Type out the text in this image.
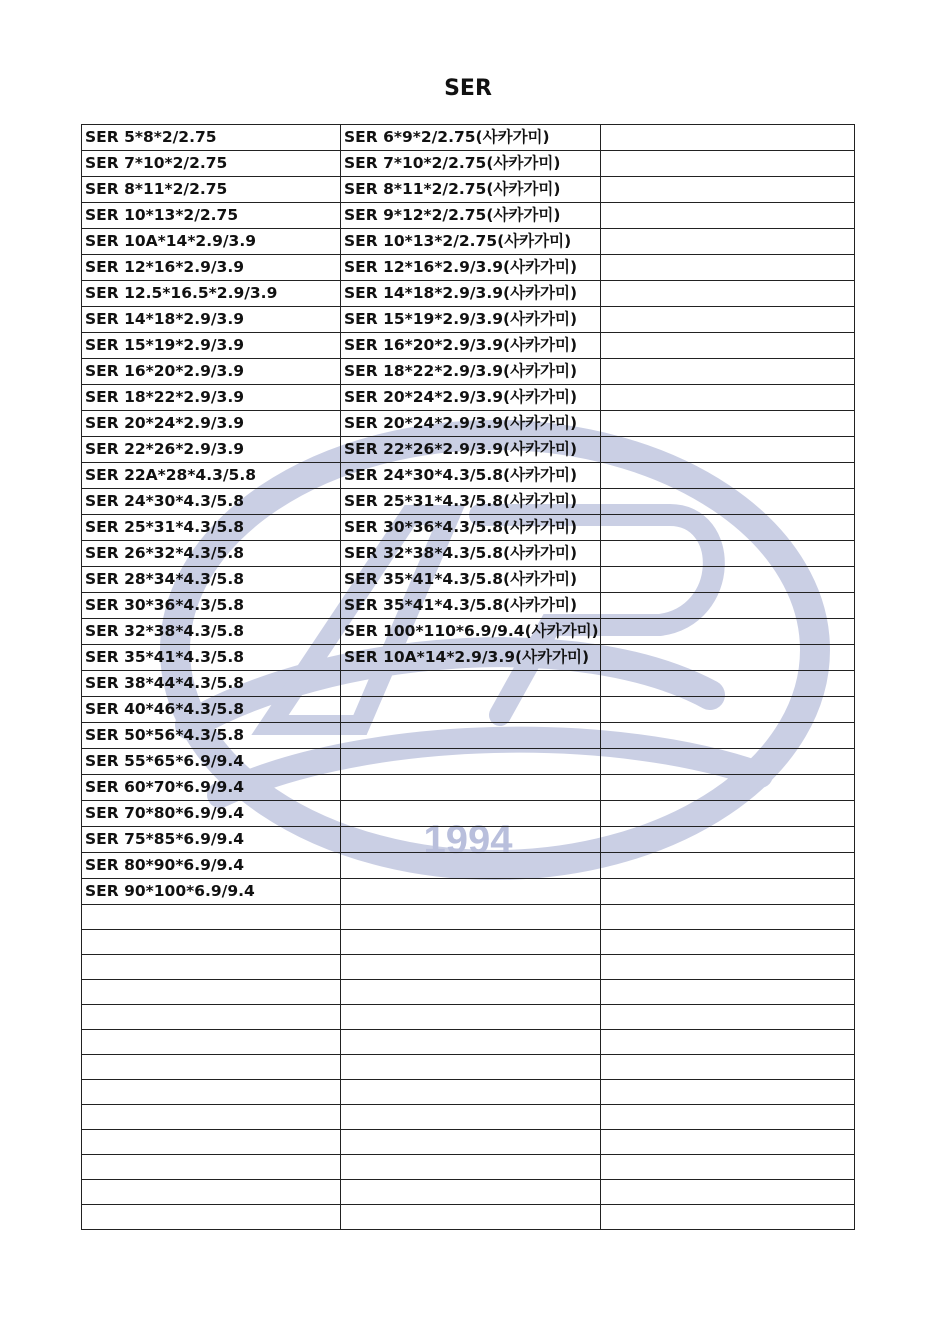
1994
SER
SER 5*8*2/2.75	SER 6*9*2/2.75(사카가미)	
SER 7*10*2/2.75	SER 7*10*2/2.75(사카가미)	
SER 8*11*2/2.75	SER 8*11*2/2.75(사카가미)	
SER 10*13*2/2.75	SER 9*12*2/2.75(사카가미)	
SER 10A*14*2.9/3.9	SER 10*13*2/2.75(사카가미)	
SER 12*16*2.9/3.9	SER 12*16*2.9/3.9(사카가미)	
SER 12.5*16.5*2.9/3.9	SER 14*18*2.9/3.9(사카가미)	
SER 14*18*2.9/3.9	SER 15*19*2.9/3.9(사카가미)	
SER 15*19*2.9/3.9	SER 16*20*2.9/3.9(사카가미)	
SER 16*20*2.9/3.9	SER 18*22*2.9/3.9(사카가미)	
SER 18*22*2.9/3.9	SER 20*24*2.9/3.9(사카가미)	
SER 20*24*2.9/3.9	SER 20*24*2.9/3.9(사카가미)	
SER 22*26*2.9/3.9	SER 22*26*2.9/3.9(사카가미)	
SER 22A*28*4.3/5.8	SER 24*30*4.3/5.8(사카가미)	
SER 24*30*4.3/5.8	SER 25*31*4.3/5.8(사카가미)	
SER 25*31*4.3/5.8	SER 30*36*4.3/5.8(사카가미)	
SER 26*32*4.3/5.8	SER 32*38*4.3/5.8(사카가미)	
SER 28*34*4.3/5.8	SER 35*41*4.3/5.8(사카가미)	
SER 30*36*4.3/5.8	SER 35*41*4.3/5.8(사카가미)	
SER 32*38*4.3/5.8	SER 100*110*6.9/9.4(사카가미)	
SER 35*41*4.3/5.8	SER 10A*14*2.9/3.9(사카가미)	
SER 38*44*4.3/5.8		
SER 40*46*4.3/5.8		
SER 50*56*4.3/5.8		
SER 55*65*6.9/9.4		
SER 60*70*6.9/9.4		
SER 70*80*6.9/9.4		
SER 75*85*6.9/9.4		
SER 80*90*6.9/9.4		
SER 90*100*6.9/9.4		
